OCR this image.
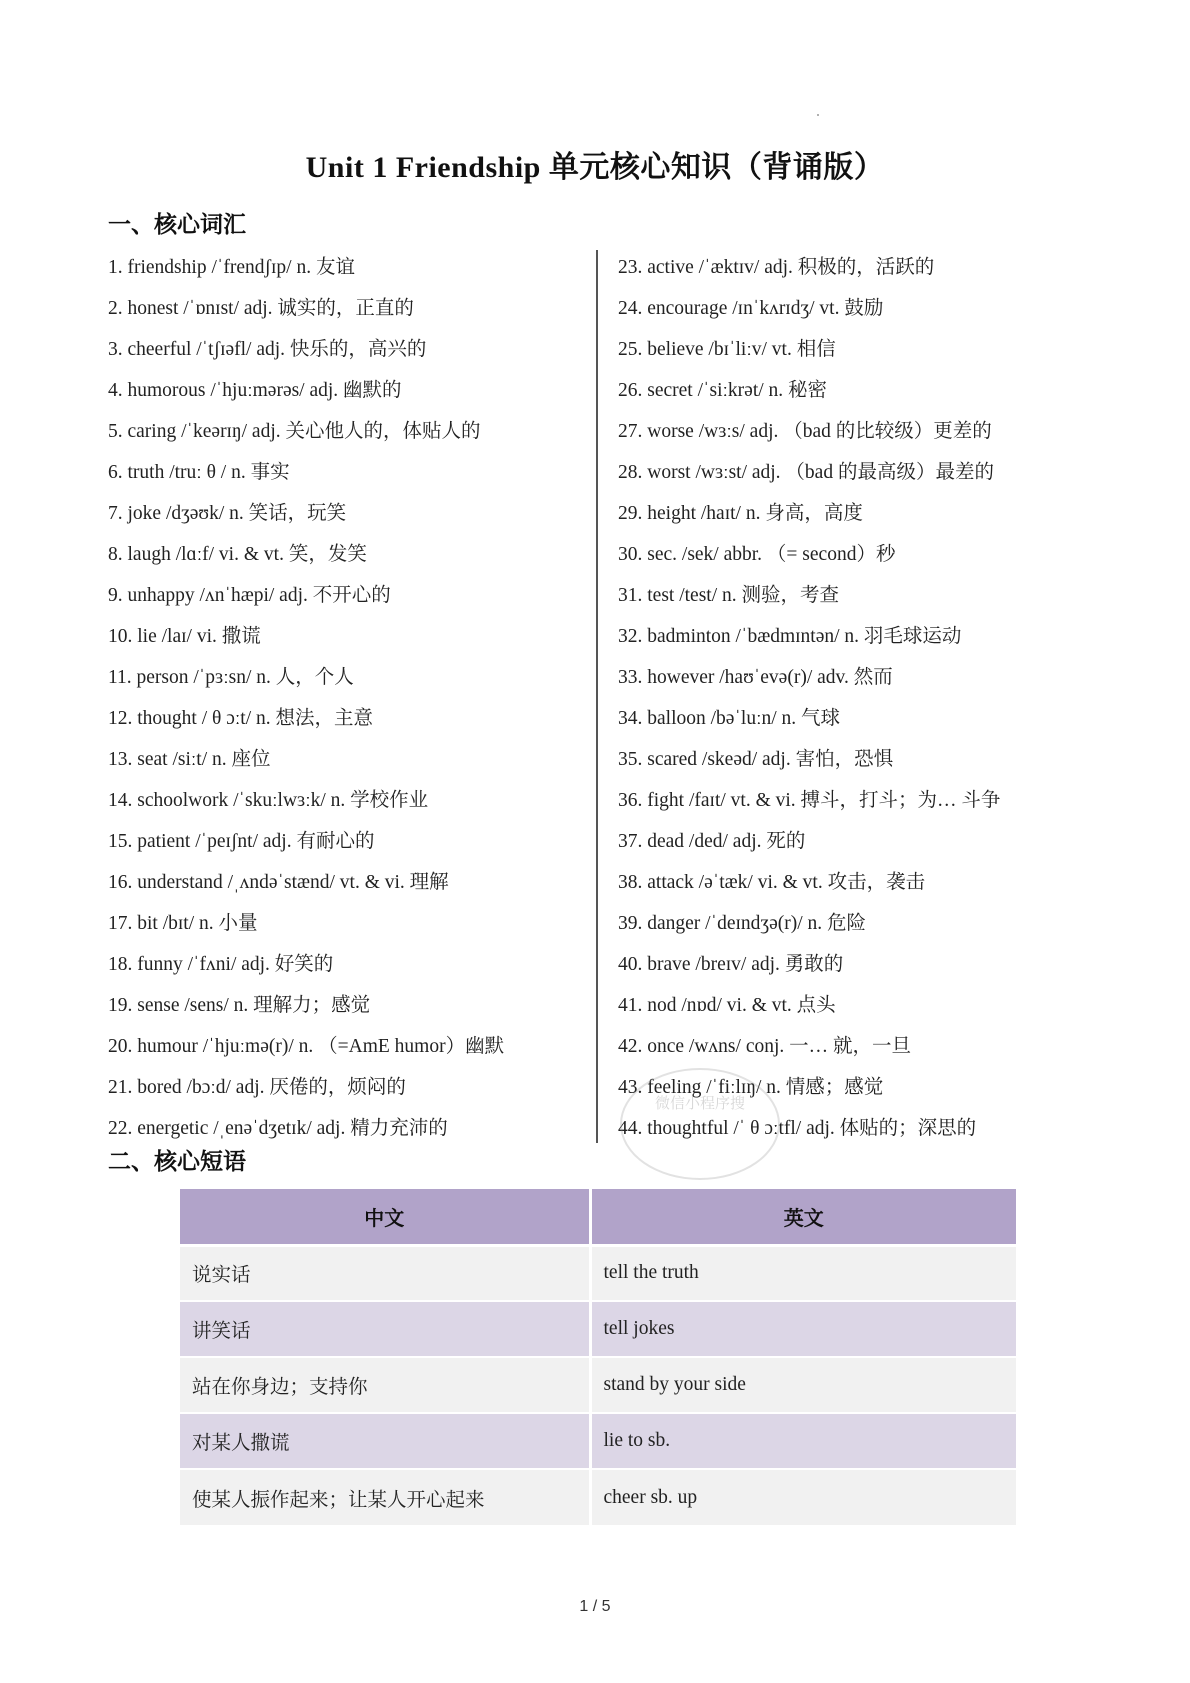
Unit 1 Friendship 单元核心知识（背诵版）
一、核心词汇
1. friendship /ˈfrendʃɪp/ n. 友谊
2. honest /ˈɒnɪst/ adj. 诚实的，正直的
3. cheerful /ˈtʃɪəfl/ adj. 快乐的，高兴的
4. humorous /ˈhjuːmərəs/ adj. 幽默的
5. caring /ˈkeərɪŋ/ adj. 关心他人的，体贴人的
6. truth /truː θ / n. 事实
7. joke /dʒəʊk/ n. 笑话，玩笑
8. laugh /lɑːf/ vi. & vt. 笑，发笑
9. unhappy /ʌnˈhæpi/ adj. 不开心的
10. lie /laɪ/ vi. 撒谎
11. person /ˈpɜːsn/ n. 人，个人
12. thought / θ ɔːt/ n. 想法，主意
13. seat /siːt/ n. 座位
14. schoolwork /ˈskuːlwɜːk/ n. 学校作业
15. patient /ˈpeɪʃnt/ adj. 有耐心的
16. understand /ˌʌndəˈstænd/ vt. & vi. 理解
17. bit /bɪt/ n. 小量
18. funny /ˈfʌni/ adj. 好笑的
19. sense /sens/ n. 理解力；感觉
20. humour /ˈhjuːmə(r)/ n. （=AmE humor）幽默
21. bored /bɔːd/ adj. 厌倦的，烦闷的
22. energetic /ˌenəˈdʒetɪk/ adj. 精力充沛的
23. active /ˈæktɪv/ adj. 积极的，活跃的
24. encourage /ɪnˈkʌrɪdʒ/ vt. 鼓励
25. believe /bɪˈliːv/ vt. 相信
26. secret /ˈsiːkrət/ n. 秘密
27. worse /wɜːs/ adj. （bad 的比较级）更差的
28. worst /wɜːst/ adj. （bad 的最高级）最差的
29. height /haɪt/ n. 身高，高度
30. sec. /sek/ abbr. （= second）秒
31. test /test/ n. 测验，考查
32. badminton /ˈbædmɪntən/ n. 羽毛球运动
33. however /haʊˈevə(r)/ adv. 然而
34. balloon /bəˈluːn/ n. 气球
35. scared /skeəd/ adj. 害怕，恐惧
36. fight /faɪt/ vt. & vi. 搏斗，打斗；为… 斗争
37. dead /ded/ adj. 死的
38. attack /əˈtæk/ vi. & vt. 攻击，袭击
39. danger /ˈdeɪndʒə(r)/ n. 危险
40. brave /breɪv/ adj. 勇敢的
41. nod /nɒd/ vi. & vt. 点头
42. once /wʌns/ conj. 一… 就，一旦
43. feeling /ˈfiːlɪŋ/ n. 情感；感觉
44. thoughtful /ˈ θ ɔːtfl/ adj. 体贴的；深思的
微信小程序搜
二、核心短语
中文	英文
说实话	tell the truth
讲笑话	tell jokes
站在你身边；支持你	stand by your side
对某人撒谎	lie to sb.
使某人振作起来；让某人开心起来	cheer sb. up
1 / 5
